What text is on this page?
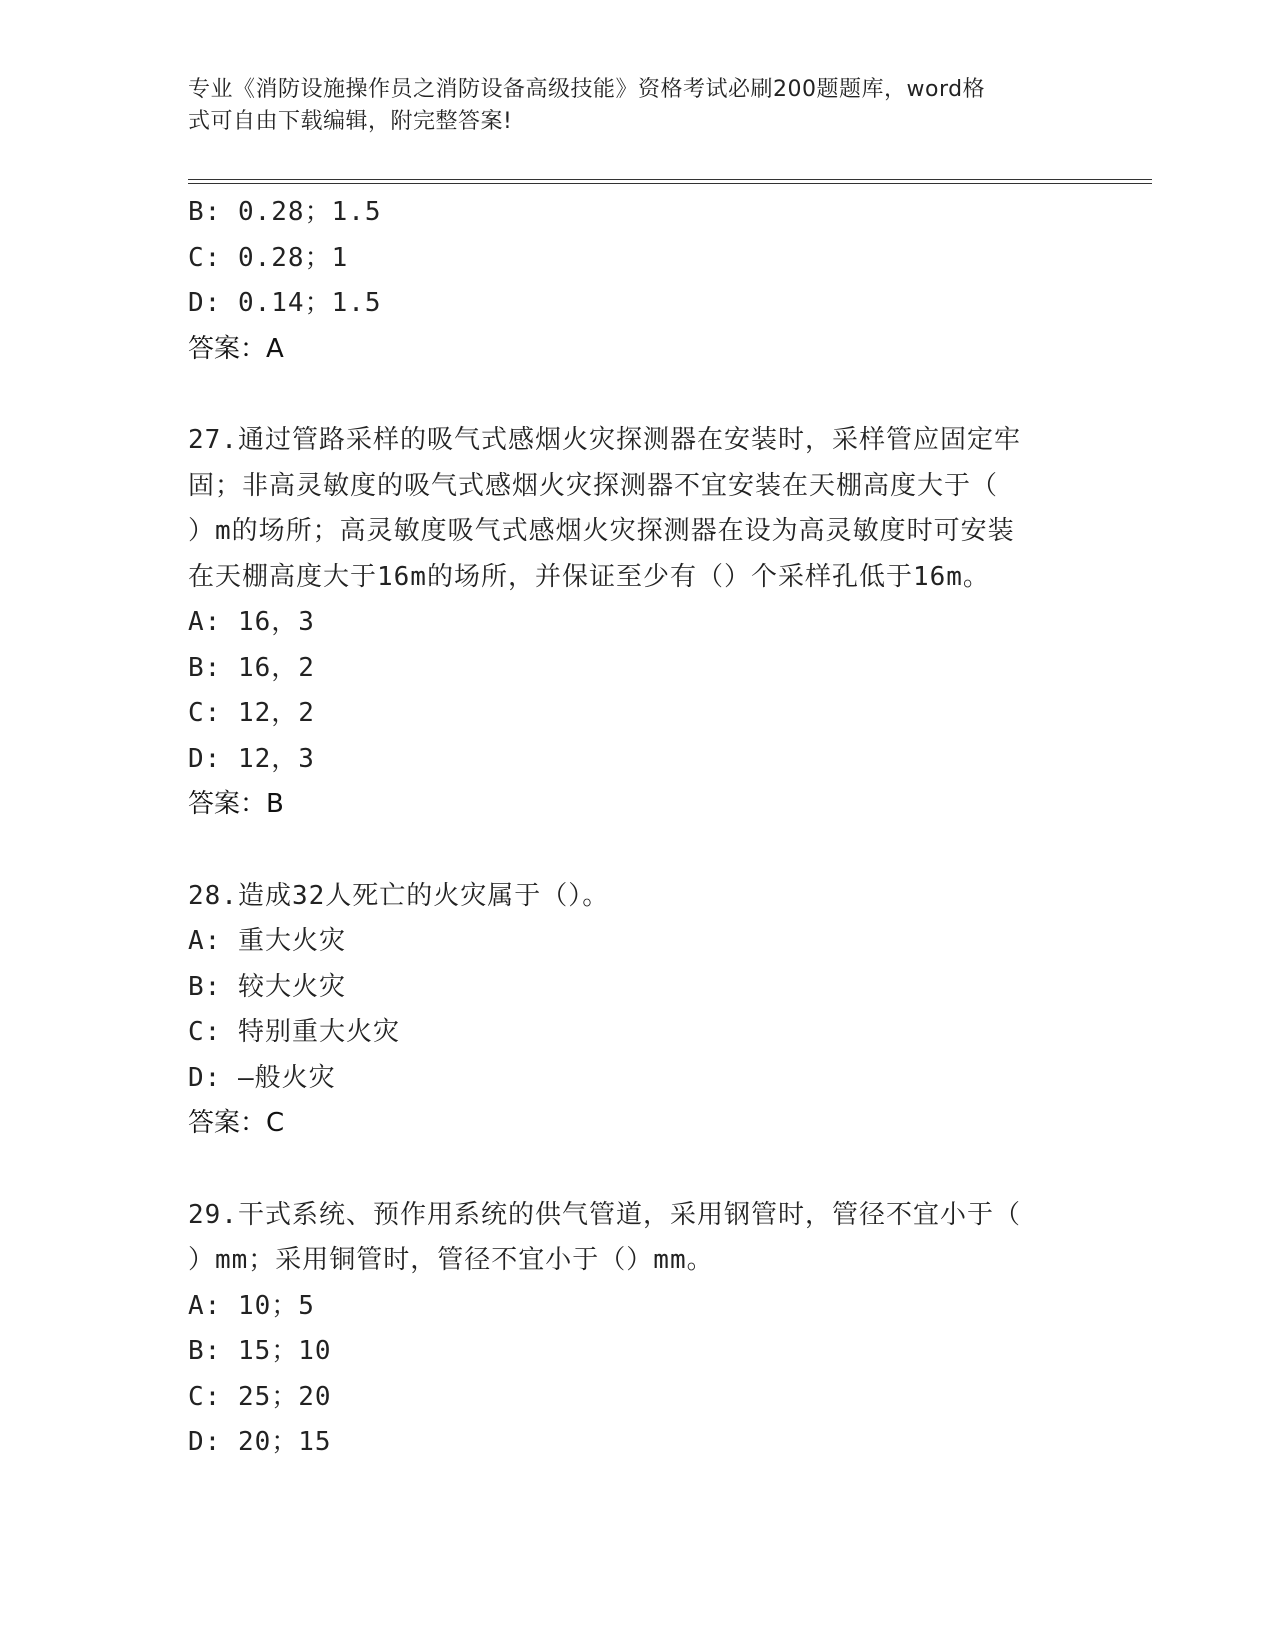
专业《消防设施操作员之消防设备高级技能》资格考试必刷200题题库，word格
式可自由下载编辑，附完整答案!
B: 0.28；1.5
C: 0.28；1
D: 0.14；1.5
答案：A
27.通过管路采样的吸气式感烟火灾探测器在安装时，采样管应固定牢
固；非高灵敏度的吸气式感烟火灾探测器不宜安装在天棚高度大于（
）m的场所；高灵敏度吸气式感烟火灾探测器在设为高灵敏度时可安装
在天棚高度大于16m的场所，并保证至少有（）个采样孔低于16m。
A: 16，3
B: 16，2
C: 12，2
D: 12，3
答案：B
28.造成32人死亡的火灾属于（）。
A: 重大火灾
B: 较大火灾
C: 特别重大火灾
D: —般火灾
答案：C
29.干式系统、预作用系统的供气管道，采用钢管时，管径不宜小于（
）mm；采用铜管时，管径不宜小于（）mm。
A: 10；5
B: 15；10
C: 25；20
D: 20；15
